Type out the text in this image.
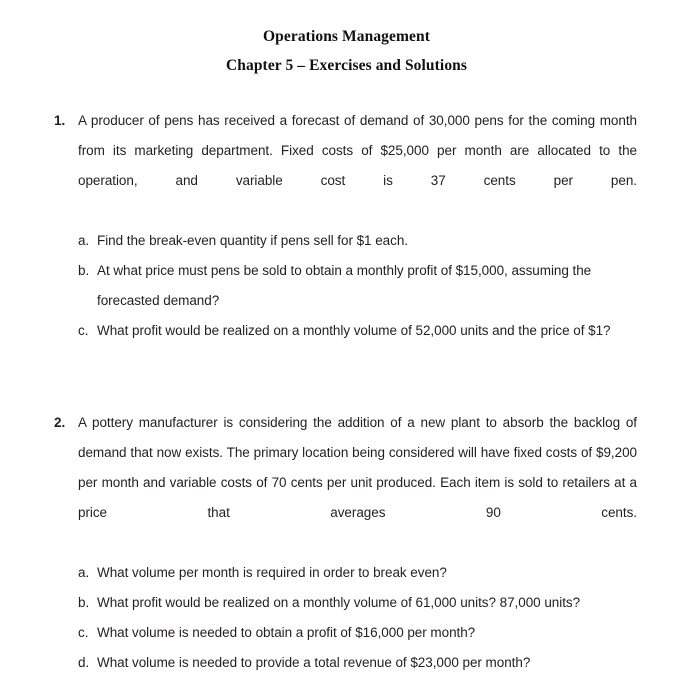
Operations Management
Chapter 5 – Exercises and Solutions
1. A producer of pens has received a forecast of demand of 30,000 pens for the coming month from its marketing department. Fixed costs of $25,000 per month are allocated to the operation, and variable cost is 37 cents per pen.

a. Find the break-even quantity if pens sell for $1 each.
b. At what price must pens be sold to obtain a monthly profit of $15,000, assuming the forecasted demand?
c. What profit would be realized on a monthly volume of 52,000 units and the price of $1?
2. A pottery manufacturer is considering the addition of a new plant to absorb the backlog of demand that now exists. The primary location being considered will have fixed costs of $9,200 per month and variable costs of 70 cents per unit produced. Each item is sold to retailers at a price that averages 90 cents.

a. What volume per month is required in order to break even?
b. What profit would be realized on a monthly volume of 61,000 units? 87,000 units?
c. What volume is needed to obtain a profit of $16,000 per month?
d. What volume is needed to provide a total revenue of $23,000 per month?
